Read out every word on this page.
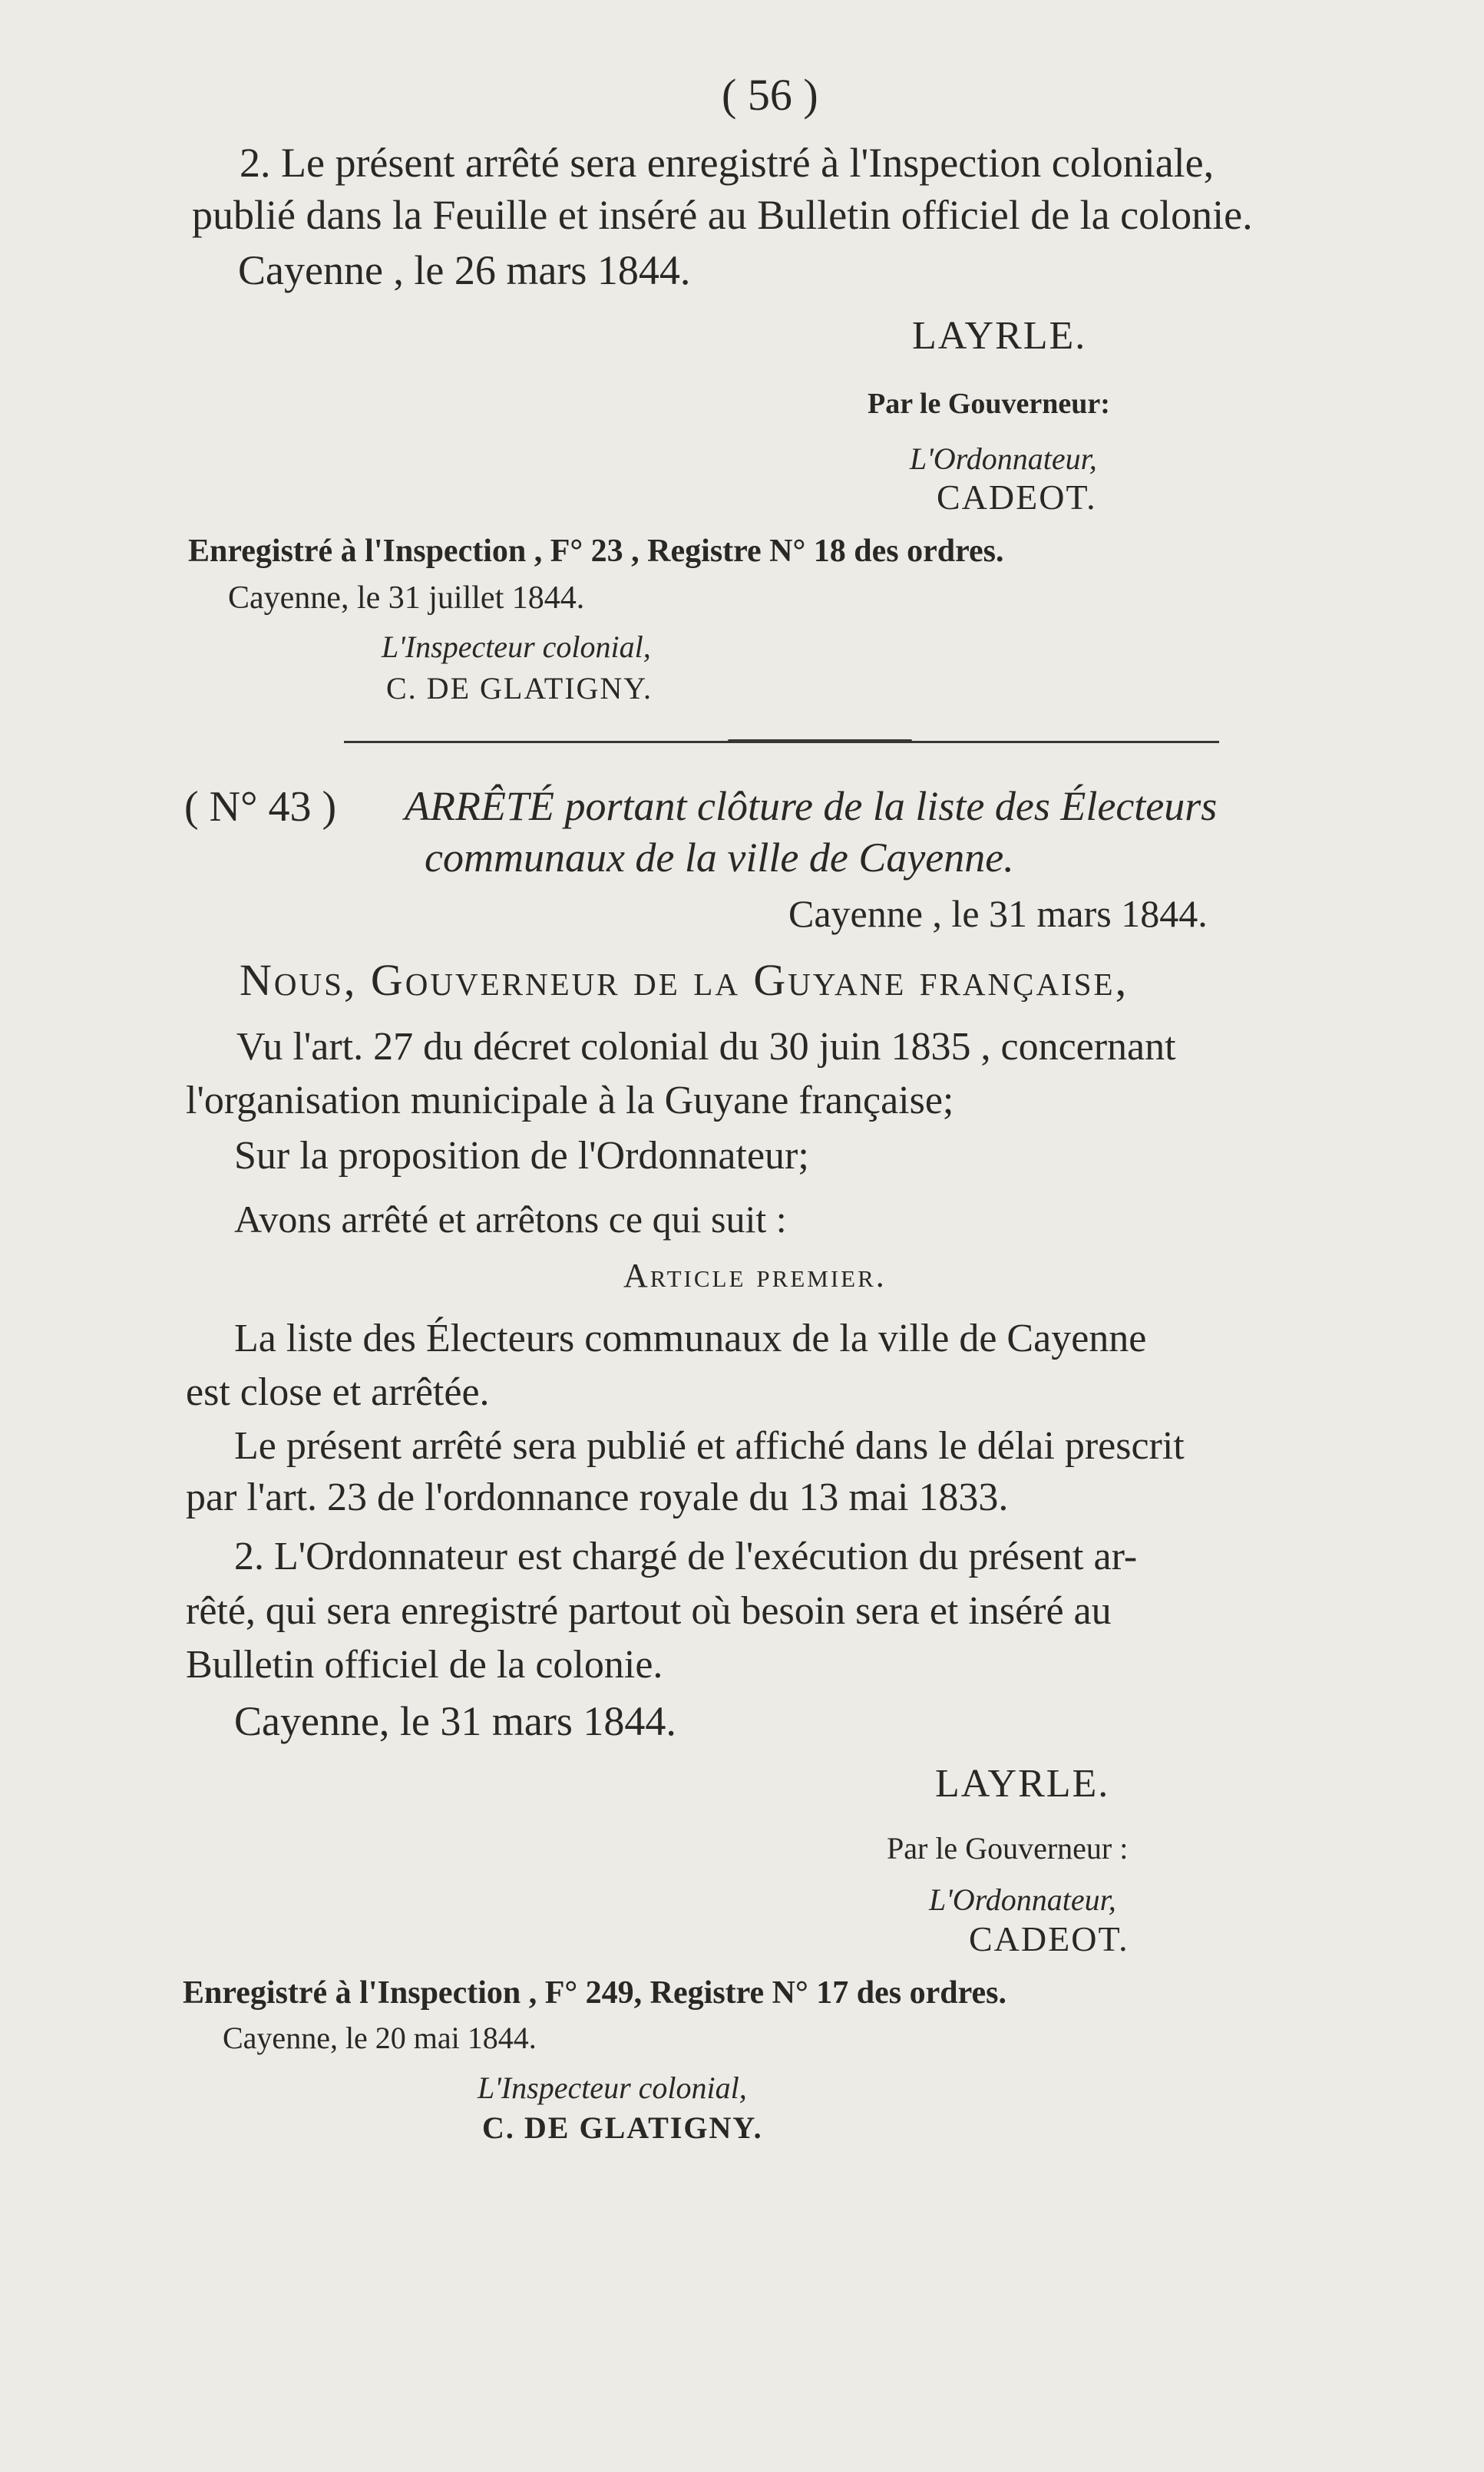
( 56 )
2. Le présent arrêté sera enregistré à l'Inspection coloniale,
publié dans la Feuille et inséré au Bulletin officiel de la colonie.
Cayenne , le 26 mars 1844.
LAYRLE.
Par le Gouverneur:
L'Ordonnateur,
CADEOT.
Enregistré à l'Inspection , F° 23 , Registre N° 18 des ordres.
Cayenne, le 31 juillet 1844.
L'Inspecteur colonial,
C. DE GLATIGNY.
( N° 43 ) ARRÊTÉ portant clôture de la liste des Électeurs
communaux de la ville de Cayenne.
Cayenne , le 31 mars 1844.
Nous, Gouverneur de la Guyane française,
Vu l'art. 27 du décret colonial du 30 juin 1835 , concernant
l'organisation municipale à la Guyane française;
Sur la proposition de l'Ordonnateur;
Avons arrêté et arrêtons ce qui suit :
Article premier.
La liste des Électeurs communaux de la ville de Cayenne
est close et arrêtée.
Le présent arrêté sera publié et affiché dans le délai prescrit
par l'art. 23 de l'ordonnance royale du 13 mai 1833.
2. L'Ordonnateur est chargé de l'exécution du présent ar-
rêté, qui sera enregistré partout où besoin sera et inséré au
Bulletin officiel de la colonie.
Cayenne, le 31 mars 1844.
LAYRLE.
Par le Gouverneur :
L'Ordonnateur,
CADEOT.
Enregistré à l'Inspection , F° 249, Registre N° 17 des ordres.
Cayenne, le 20 mai 1844.
L'Inspecteur colonial,
C. DE GLATIGNY.
